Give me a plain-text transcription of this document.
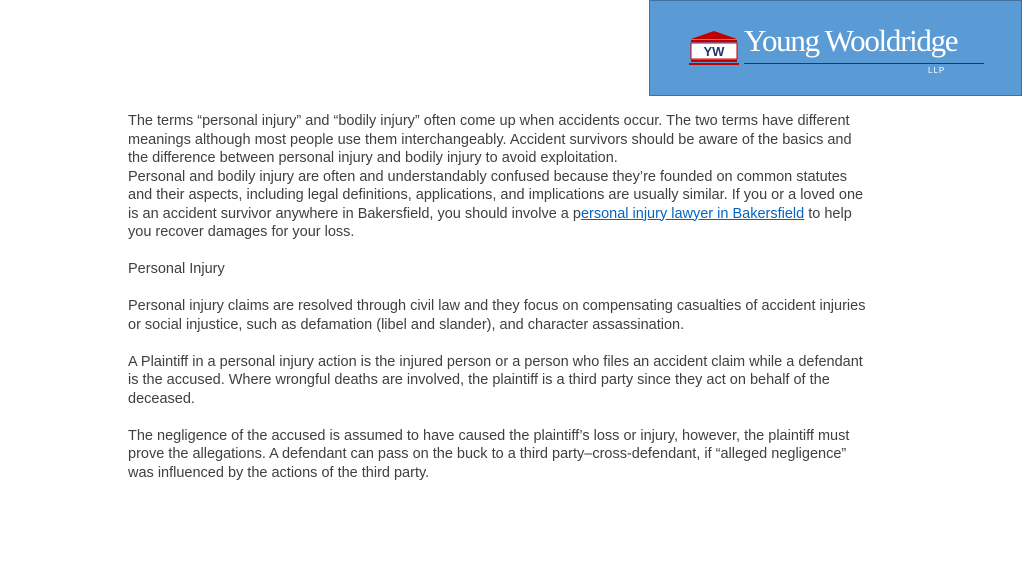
YW Young Wooldridge
LLP

The terms “personal injury” and “bodily injury” often come up when accidents occur. The two terms have different meanings although most people use them interchangeably. Accident survivors should be aware of the basics and the difference between personal injury and bodily injury to avoid exploitation.

Personal and bodily injury are often and understandably confused because they’re founded on common statutes and their aspects, including legal definitions, applications, and implications are usually similar. If you or a loved one is an accident survivor anywhere in Bakersfield, you should involve a personal injury lawyer in Bakersfield to help you recover damages for your loss.

Personal Injury

Personal injury claims are resolved through civil law and they focus on compensating casualties of accident injuries or social injustice, such as defamation (libel and slander), and character assassination.

A Plaintiff in a personal injury action is the injured person or a person who files an accident claim while a defendant is the accused. Where wrongful deaths are involved, the plaintiff is a third party since they act on behalf of the deceased.

The negligence of the accused is assumed to have caused the plaintiff’s loss or injury, however, the plaintiff must prove the allegations. A defendant can pass on the buck to a third party–cross-defendant, if “alleged negligence” was influenced by the actions of the third party.
